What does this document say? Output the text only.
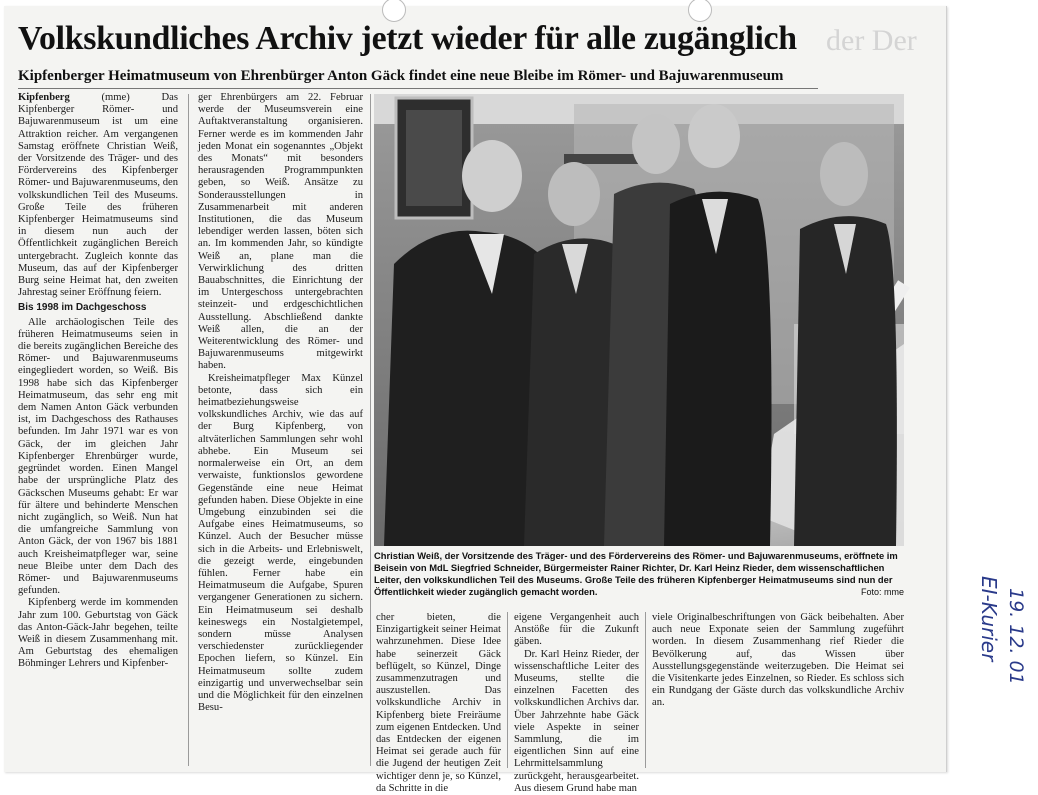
der Der
Volkskundliches Archiv jetzt wieder für alle zugänglich
Kipfenberger Heimatmuseum von Ehrenbürger Anton Gäck findet eine neue Bleibe im Römer- und Bajuwarenmuseum

Kipfenberg	(mme) Das Kipfenberger Römer- und Bajuwarenmuseum ist um eine Attraktion reicher. Am vergangenen Samstag eröffnete Christian Weiß, der Vorsitzende des Träger- und des Fördervereins des Kipfenberger Römer- und Bajuwarenmuseums, den volkskundlichen Teil des Museums. Große Teile des früheren Kipfenberger Heimatmuseums sind in diesem nun auch der Öffentlichkeit zugänglichen Bereich untergebracht. Zugleich konnte das Museum, das auf der Kipfenberger Burg seine Heimat hat, den zweiten Jahrestag seiner Eröffnung feiern.

Bis 1998 im Dachgeschoss

Alle archäologischen Teile des früheren Heimatmuseums seien in die bereits zugänglichen Bereiche des Römer- und Bajuwarenmuseums eingegliedert worden, so Weiß. Bis 1998 habe sich das Kipfenberger Heimatmuseum, das sehr eng mit dem Namen Anton Gäck verbunden ist, im Dachgeschoss des Rathauses befunden. Im Jahr 1971 war es von Gäck, der im gleichen Jahr Kipfenberger Ehrenbürger wurde, gegründet worden. Einen Mangel habe der ursprüngliche Platz des Gäckschen Museums gehabt: Er war für ältere und behinderte Menschen nicht zugänglich, so Weiß. Nun hat die umfangreiche Sammlung von Anton Gäck, der von 1967 bis 1881 auch Kreisheimatpfleger war, seine neue Bleibe unter dem Dach des Römer- und Bajuwarenmuseums gefunden.

Kipfenberg werde im kommenden Jahr zum 100. Geburtstag von Gäck das Anton-Gäck-Jahr begehen, teilte Weiß in diesem Zusammenhang mit. Am Geburtstag des ehemaligen Böhminger Lehrers und Kipfenber-

ger Ehrenbürgers am 22. Februar werde der Museumsverein eine Auftaktveranstaltung organisieren. Ferner werde es im kommenden Jahr jeden Monat ein sogenanntes „Objekt des Monats“ mit besonders herausragenden Programmpunkten geben, so Weiß. Ansätze zu Sonderausstellungen in Zusammenarbeit mit anderen Institutionen, die das Museum lebendiger werden lassen, böten sich an. Im kommenden Jahr, so kündigte Weiß an, plane man die Verwirklichung des dritten Bauabschnittes, die Einrichtung der im Untergeschoss untergebrachten steinzeit- und erdgeschichtlichen Ausstellung. Abschließend dankte Weiß allen, die an der Weiterentwicklung des Römer- und Bajuwarenmuseums mitgewirkt haben.

Kreisheimatpfleger Max Künzel betonte, dass sich ein heimatbeziehungsweise volkskundliches Archiv, wie das auf der Burg Kipfenberg, von altväterlichen Sammlungen sehr wohl abhebe. Ein Museum sei normalerweise ein Ort, an dem verwaiste, funktionslos gewordene Gegenstände eine neue Heimat gefunden haben. Diese Objekte in eine Umgebung einzubinden sei die Aufgabe eines Heimatmuseums, so Künzel. Auch der Besucher müsse sich in die Arbeits- und Erlebniswelt, die gezeigt werde, eingebunden fühlen. Ferner habe ein Heimatmuseum die Aufgabe, Spuren vergangener Generationen zu sichern. Ein Heimatmuseum sei deshalb keineswegs ein Nostalgietempel, sondern müsse Analysen verschiedenster zurückliegender Epochen liefern, so Künzel. Ein Heimatmuseum sollte zudem einzigartig und unverwechselbar sein und die Möglichkeit für den einzelnen Besu-

Christian Weiß, der Vorsitzende des Träger- und des Fördervereins des Römer- und Bajuwarenmuseums, eröffnete im Beisein von MdL Siegfried Schneider, Bürgermeister Rainer Richter, Dr. Karl Heinz Rieder, dem wissenschaftlichen Leiter, den volkskundlichen Teil des Museums. Große Teile des früheren Kipfenberger Heimatmuseums sind nun der Öffentlichkeit wieder zugänglich gemacht worden.	Foto: mme

cher bieten, die Einzigartigkeit seiner Heimat wahrzunehmen. Diese Idee habe seinerzeit Gäck beflügelt, so Künzel, Dinge zusammenzutragen und auszustellen. Das volkskundliche Archiv in Kipfenberg biete Freiräume zum eigenen Entdecken. Und das Entdecken der eigenen Heimat sei gerade auch für die Jugend der heutigen Zeit wichtiger denn je, so Künzel, da Schritte in die

eigene Vergangenheit auch Anstöße für die Zukunft gäben.

Dr. Karl Heinz Rieder, der wissenschaftliche Leiter des Museums, stellte die einzelnen Facetten des volkskundlichen Archivs dar. Über Jahrzehnte habe Gäck viele Aspekte in seiner Sammlung, die im eigentlichen Sinn auf eine Lehrmittelsammlung zurückgeht, herausgearbeitet. Aus diesem Grund habe man

viele Originalbeschriftungen von Gäck beibehalten. Aber auch neue Exponate seien der Sammlung zugeführt worden. In diesem Zusammenhang rief Rieder die Bevölkerung auf, das Wissen über Ausstellungsgegenstände weiterzugeben. Die Heimat sei die Visitenkarte jedes Einzelnen, so Rieder. Es schloss sich ein Rundgang der Gäste durch das volkskundliche Archiv an.

EI-Kurier 19. 12. 01
